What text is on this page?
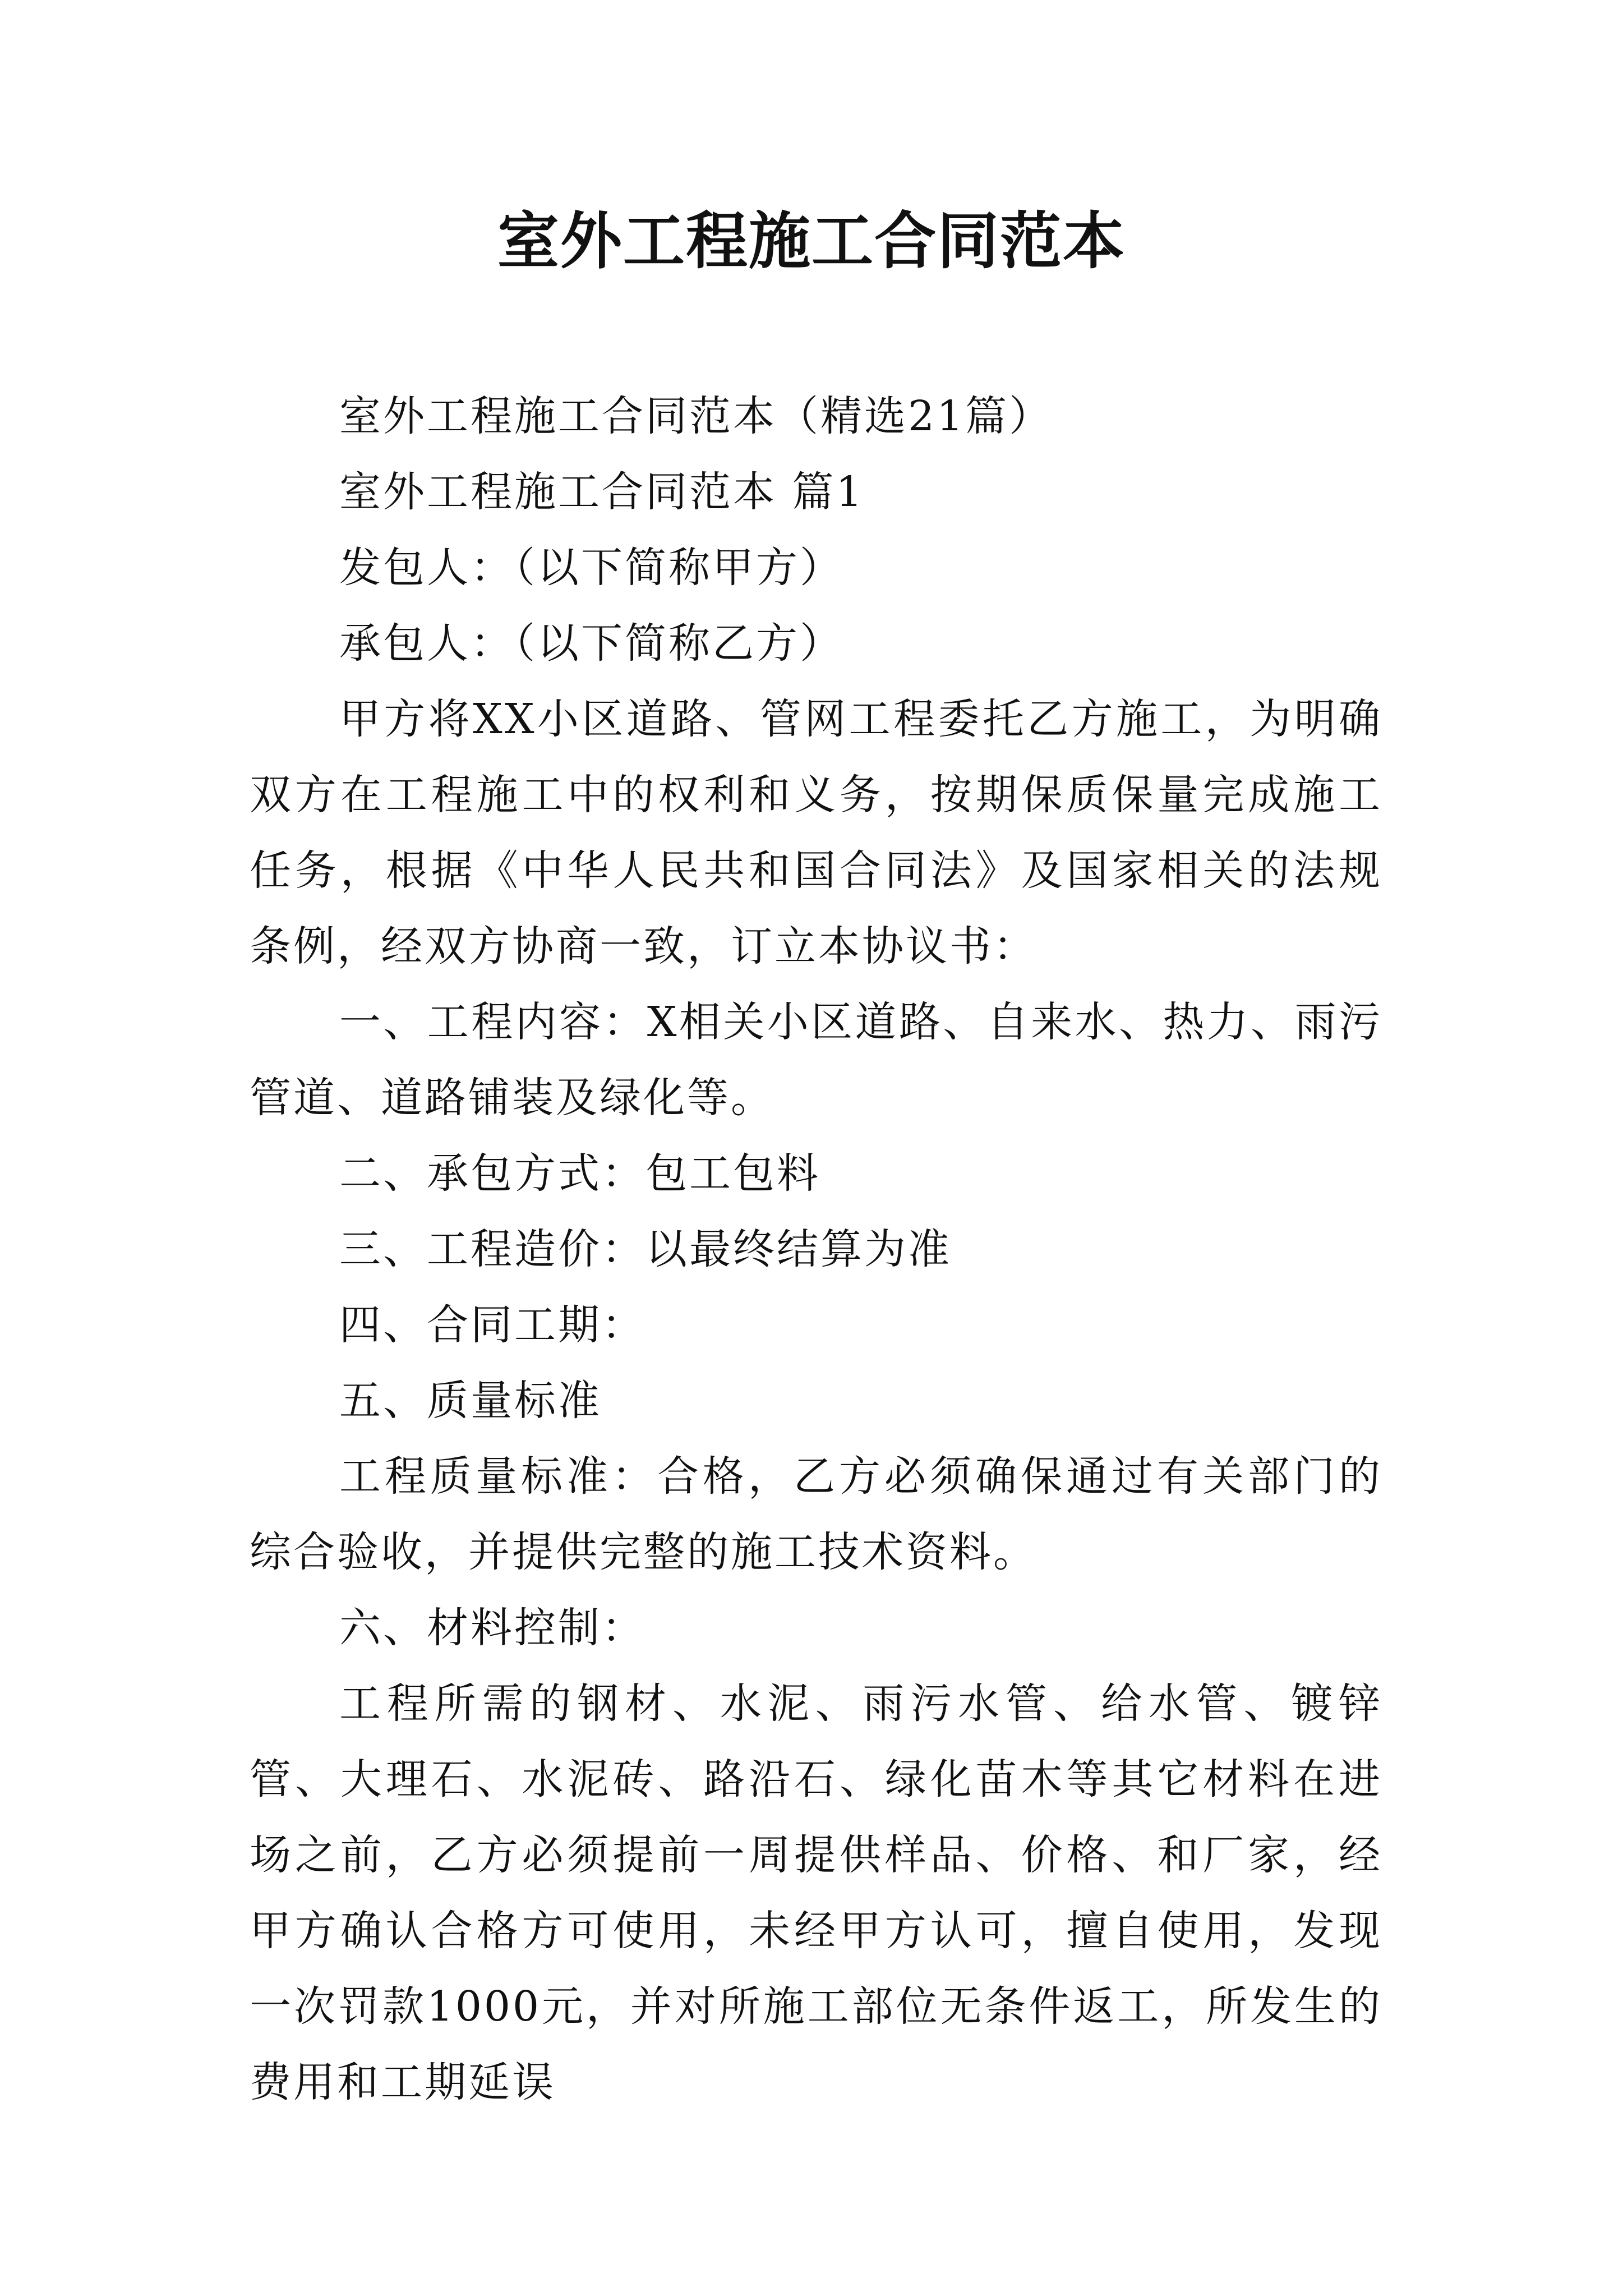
室外工程施工合同范本

室外工程施工合同范本（精选21篇）

室外工程施工合同范本 篇1

发包人：（以下简称甲方）

承包人：（以下简称乙方）

甲方将XX小区道路、管网工程委托乙方施工，为明确双方在工程施工中的权利和义务，按期保质保量完成施工任务，根据《中华人民共和国合同法》及国家相关的法规条例，经双方协商一致，订立本协议书：

一、工程内容：X相关小区道路、自来水、热力、雨污管道、道路铺装及绿化等。

二、承包方式：包工包料

三、工程造价：以最终结算为准

四、合同工期：

五、质量标准

工程质量标准：合格，乙方必须确保通过有关部门的综合验收，并提供完整的施工技术资料。

六、材料控制：

工程所需的钢材、水泥、雨污水管、给水管、镀锌管、大理石、水泥砖、路沿石、绿化苗木等其它材料在进场之前，乙方必须提前一周提供样品、价格、和厂家，经甲方确认合格方可使用，未经甲方认可，擅自使用，发现一次罚款1000元，并对所施工部位无条件返工，所发生的费用和工期延误
